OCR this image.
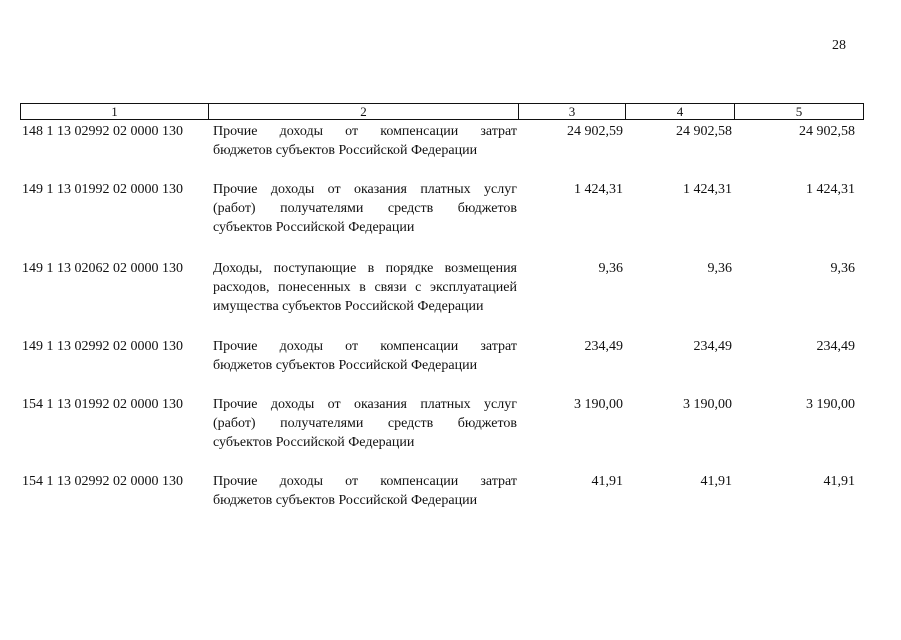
28
1	2	3	4	5
148 1 13 02992 02 0000 130	Прочие доходы от компенсации затрат
бюджетов субъектов Российской Федерации
24 902,59	24 902,58	24 902,58
149 1 13 01992 02 0000 130	Прочие доходы от оказания платных услуг
(работ) получателями средств бюджетов
субъектов Российской Федерации
1 424,31	1 424,31	1 424,31
149 1 13 02062 02 0000 130	Доходы, поступающие в порядке возмещения
расходов, понесенных в связи с эксплуатацией
имущества субъектов Российской Федерации
9,36	9,36	9,36
149 1 13 02992 02 0000 130	Прочие доходы от компенсации затрат
бюджетов субъектов Российской Федерации
234,49	234,49	234,49
154 1 13 01992 02 0000 130	Прочие доходы от оказания платных услуг
(работ) получателями средств бюджетов
субъектов Российской Федерации
3 190,00	3 190,00	3 190,00
154 1 13 02992 02 0000 130	Прочие доходы от компенсации затрат
бюджетов субъектов Российской Федерации
41,91	41,91	41,91
